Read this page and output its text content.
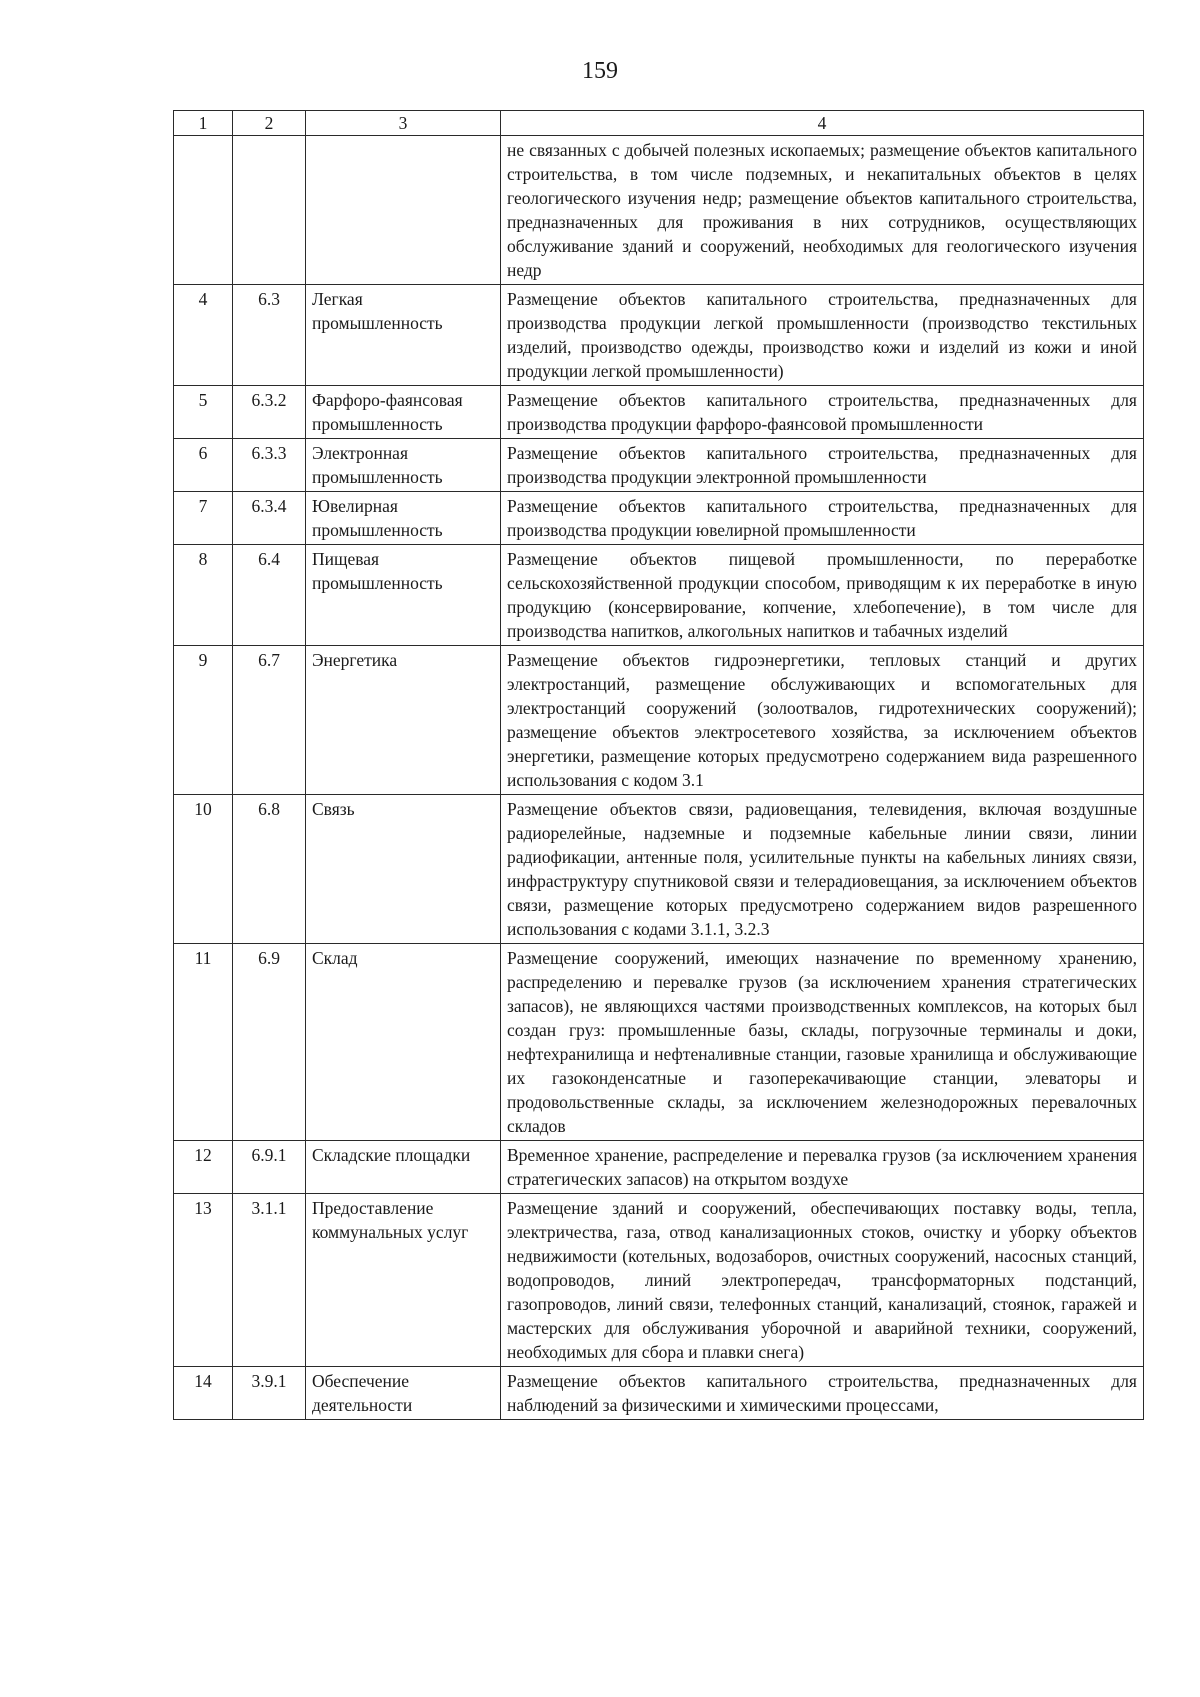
159
1	2	3	4
			не связанных с добычей полезных ископаемых; размещение объектов капитального строительства, в том числе подземных, и некапитальных объектов в целях геологического изучения недр; размещение объектов капитального строительства, предназначенных для проживания в них сотрудников, осуществляющих обслуживание зданий и сооружений, необходимых для геологического изучения недр
4	6.3	Легкая промышленность	Размещение объектов капитального строительства, предназначенных для производства продукции легкой промышленности (производство текстильных изделий, производство одежды, производство кожи и изделий из кожи и иной продукции легкой промышленности)
5	6.3.2	Фарфоро-фаянсовая промышленность	Размещение объектов капитального строительства, предназначенных для производства продукции фарфоро-фаянсовой промышленности
6	6.3.3	Электронная промышленность	Размещение объектов капитального строительства, предназначенных для производства продукции электронной промышленности
7	6.3.4	Ювелирная промышленность	Размещение объектов капитального строительства, предназначенных для производства продукции ювелирной промышленности
8	6.4	Пищевая промышленность	Размещение объектов пищевой промышленности, по переработке сельскохозяйственной продукции способом, приводящим к их переработке в иную продукцию (консервирование, копчение, хлебопечение), в том числе для производства напитков, алкогольных напитков и табачных изделий
9	6.7	Энергетика	Размещение объектов гидроэнергетики, тепловых станций и других электростанций, размещение обслуживающих и вспомогательных для электростанций сооружений (золоотвалов, гидротехнических сооружений); размещение объектов электросетевого хозяйства, за исключением объектов энергетики, размещение которых предусмотрено содержанием вида разрешенного использования с кодом 3.1
10	6.8	Связь	Размещение объектов связи, радиовещания, телевидения, включая воздушные радиорелейные, надземные и подземные кабельные линии связи, линии радиофикации, антенные поля, усилительные пункты на кабельных линиях связи, инфраструктуру спутниковой связи и телерадиовещания, за исключением объектов связи, размещение которых предусмотрено содержанием видов разрешенного использования с кодами 3.1.1, 3.2.3
11	6.9	Склад	Размещение сооружений, имеющих назначение по временному хранению, распределению и перевалке грузов (за исключением хранения стратегических запасов), не являющихся частями производственных комплексов, на которых был создан груз: промышленные базы, склады, погрузочные терминалы и доки, нефтехранилища и нефтеналивные станции, газовые хранилища и обслуживающие их газоконденсатные и газоперекачивающие станции, элеваторы и продовольственные склады, за исключением железнодорожных перевалочных складов
12	6.9.1	Складские площадки	Временное хранение, распределение и перевалка грузов (за исключением хранения стратегических запасов) на открытом воздухе
13	3.1.1	Предоставление коммунальных услуг	Размещение зданий и сооружений, обеспечивающих поставку воды, тепла, электричества, газа, отвод канализационных стоков, очистку и уборку объектов недвижимости (котельных, водозаборов, очистных сооружений, насосных станций, водопроводов, линий электропередач, трансформаторных подстанций, газопроводов, линий связи, телефонных станций, канализаций, стоянок, гаражей и мастерских для обслуживания уборочной и аварийной техники, сооружений, необходимых для сбора и плавки снега)
14	3.9.1	Обеспечение деятельности	Размещение объектов капитального строительства, предназначенных для наблюдений за физическими и химическими процессами,
